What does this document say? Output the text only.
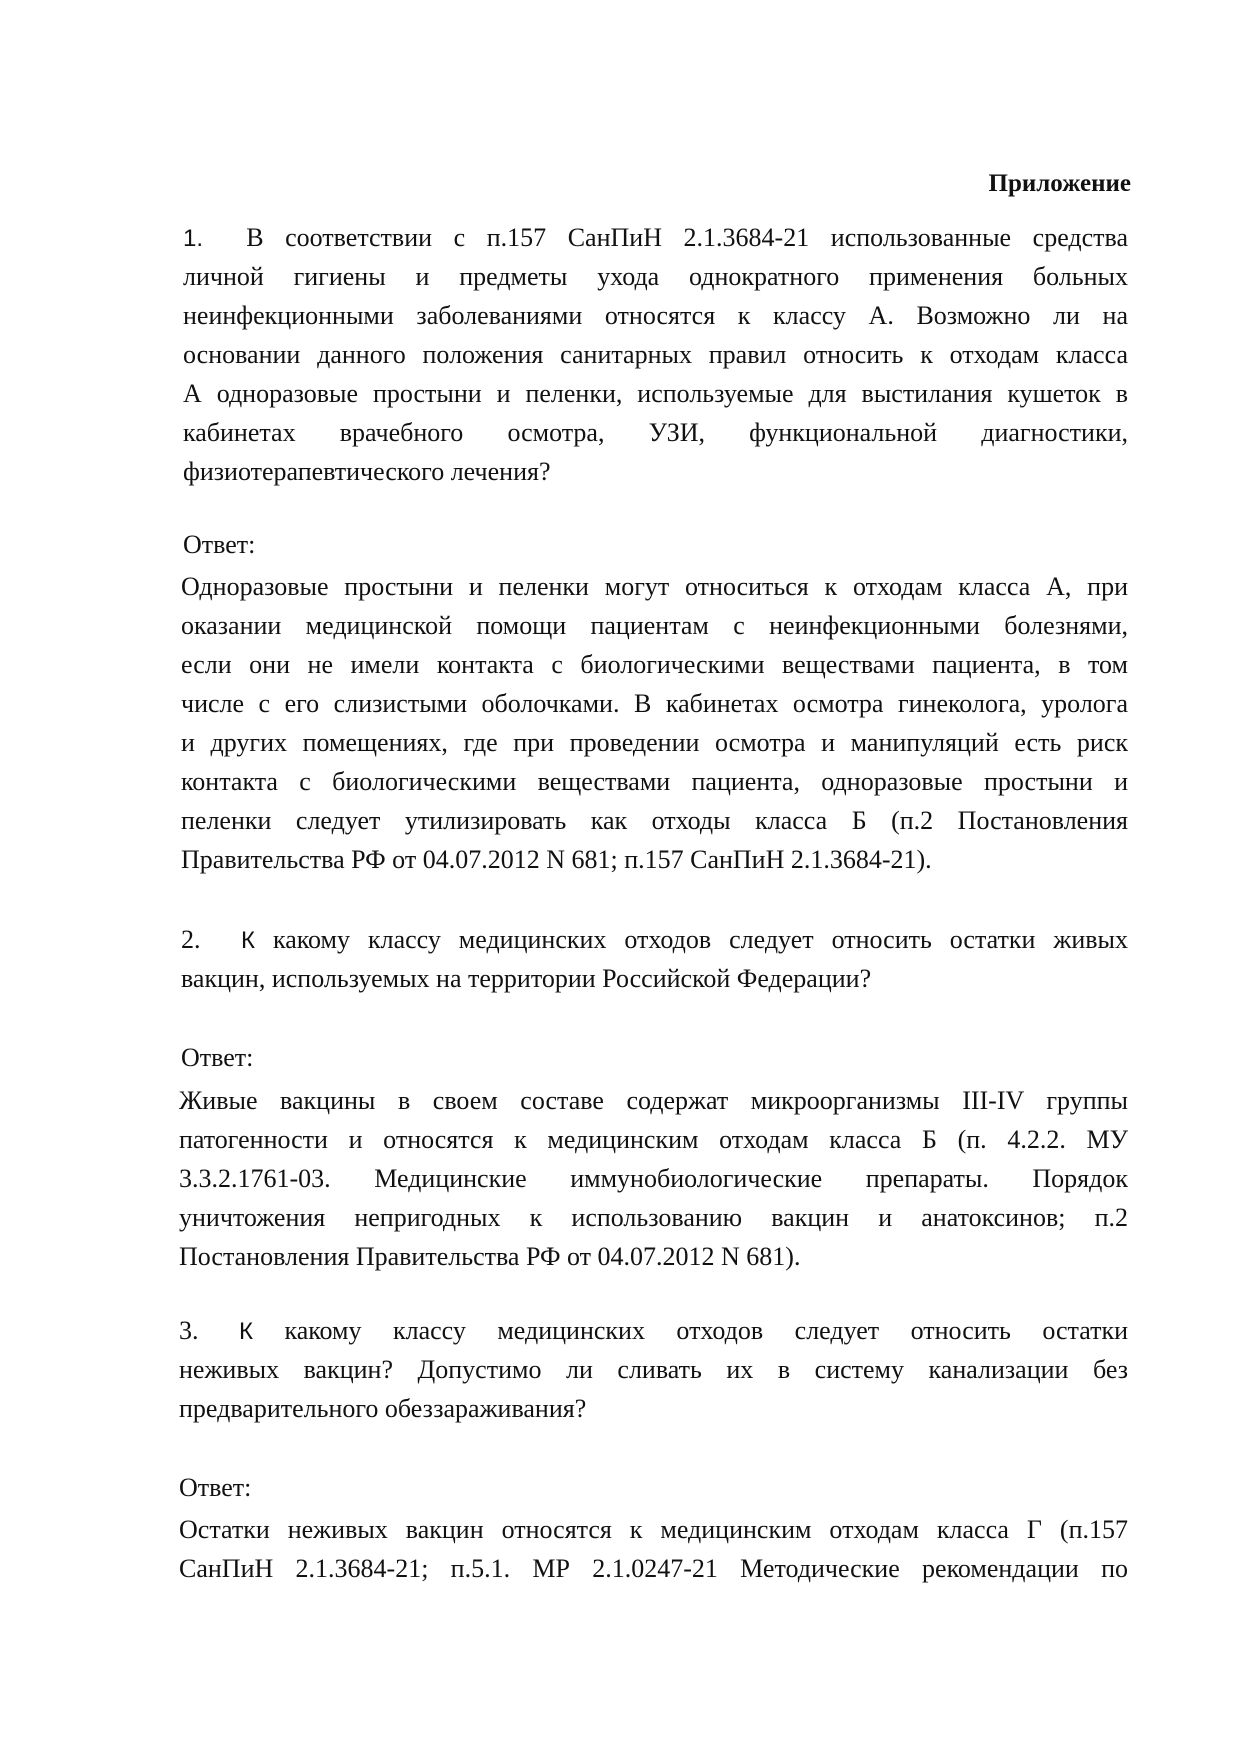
Приложение
1. В соответствии с п.157 СанПиН 2.1.3684-21 использованные средства
личной гигиены и предметы ухода однократного применения больных
неинфекционными заболеваниями относятся к классу А. Возможно ли на
основании данного положения санитарных правил относить к отходам класса
А одноразовые простыни и пеленки, используемые для выстилания кушеток в
кабинетах врачебного осмотра, УЗИ, функциональной диагностики,
физиотерапевтического лечения?
Ответ:
Одноразовые простыни и пеленки могут относиться к отходам класса А, при
оказании медицинской помощи пациентам с неинфекционными болезнями,
если они не имели контакта с биологическими веществами пациента, в том
числе с его слизистыми оболочками. В кабинетах осмотра гинеколога, уролога
и других помещениях, где при проведении осмотра и манипуляций есть риск
контакта с биологическими веществами пациента, одноразовые простыни и
пеленки следует утилизировать как отходы класса Б (п.2 Постановления
Правительства РФ от 04.07.2012 N 681; п.157 СанПиН 2.1.3684-21).
2. К какому классу медицинских отходов следует относить остатки живых
вакцин, используемых на территории Российской Федерации?
Ответ:
Живые вакцины в своем составе содержат микроорганизмы III-IV группы
патогенности и относятся к медицинским отходам класса Б (п. 4.2.2. МУ
3.3.2.1761-03. Медицинские иммунобиологические препараты. Порядок
уничтожения непригодных к использованию вакцин и анатоксинов; п.2
Постановления Правительства РФ от 04.07.2012 N 681).
3. К какому классу медицинских отходов следует относить остатки
неживых вакцин? Допустимо ли сливать их в систему канализации без
предварительного обеззараживания?
Ответ:
Остатки неживых вакцин относятся к медицинским отходам класса Г (п.157
СанПиН 2.1.3684-21; п.5.1. МР 2.1.0247-21 Методические рекомендации по
